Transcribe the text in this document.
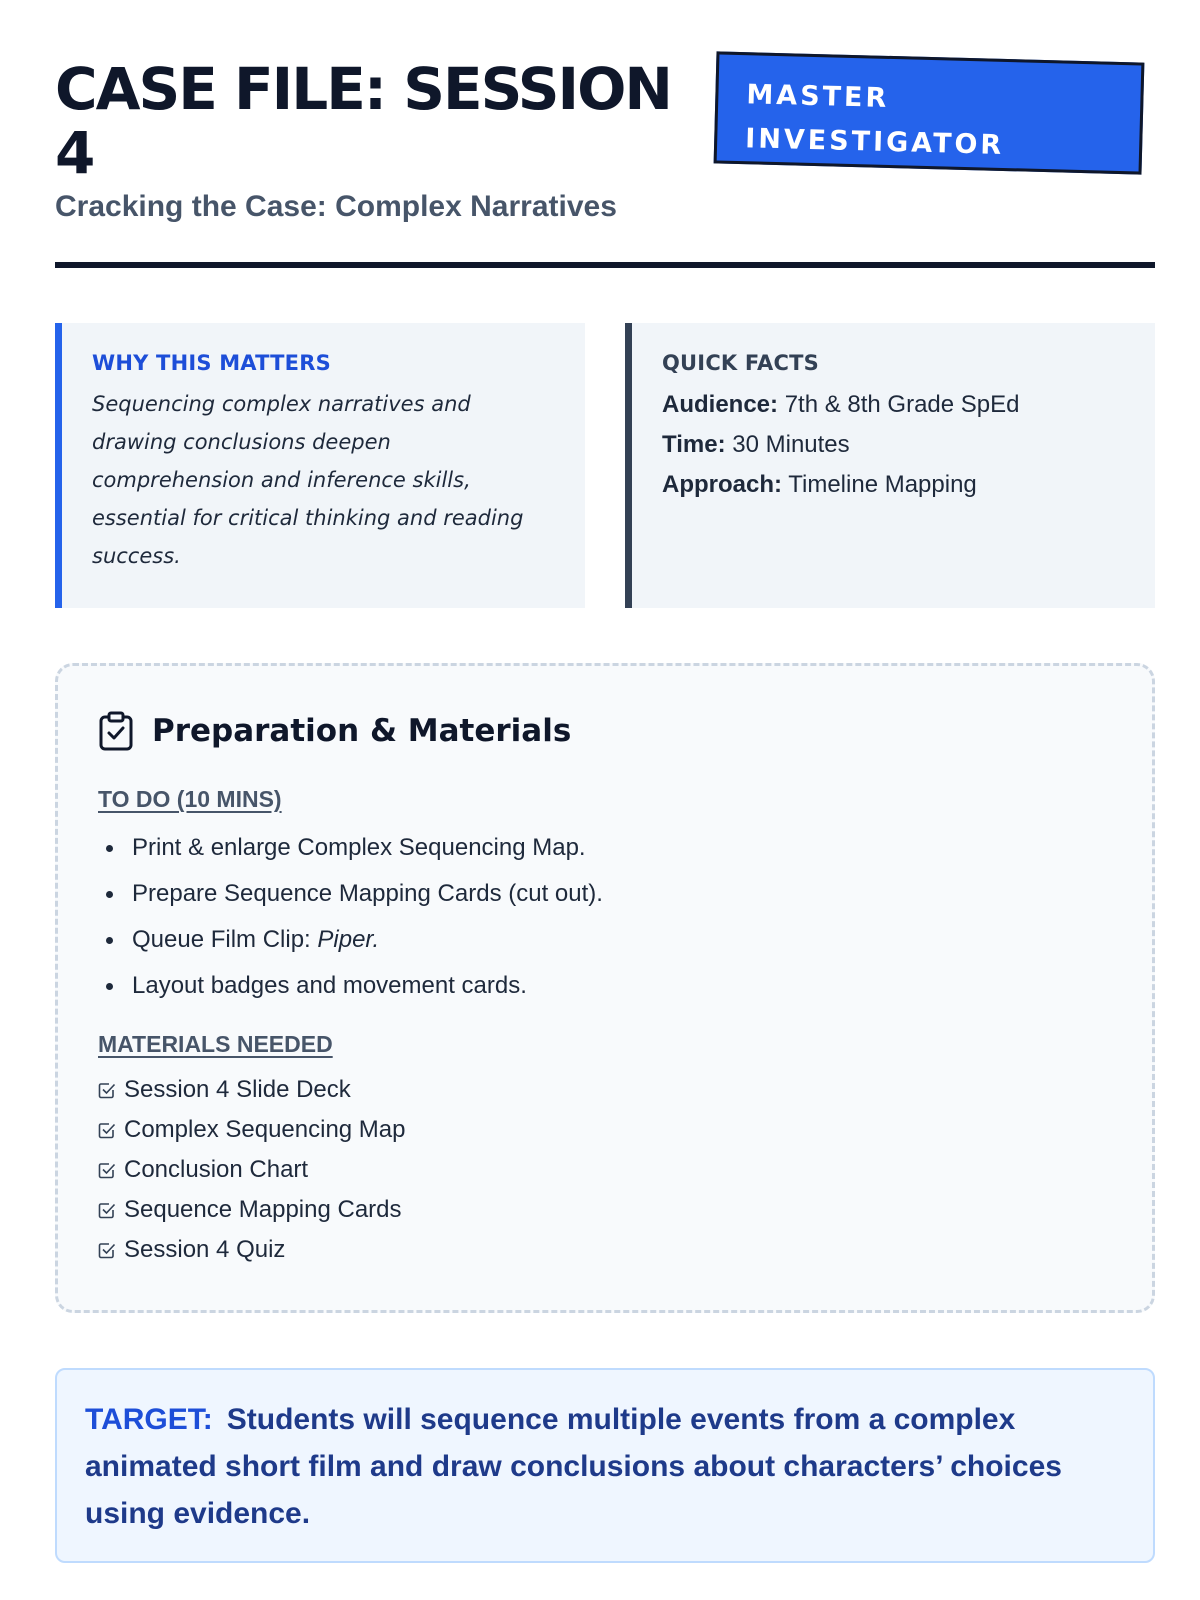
CASE FILE: SESSION 4
MASTER INVESTIGATOR
Cracking the Case: Complex Narratives
WHY THIS MATTERS
Sequencing complex narratives and drawing conclusions deepen comprehension and inference skills, essential for critical thinking and reading success.
QUICK FACTS
Audience: 7th & 8th Grade SpEd
Time: 30 Minutes
Approach: Timeline Mapping
Preparation & Materials
TO DO (10 MINS)
Print & enlarge Complex Sequencing Map.
Prepare Sequence Mapping Cards (cut out).
Queue Film Clip: Piper.
Layout badges and movement cards.
MATERIALS NEEDED
Session 4 Slide Deck
Complex Sequencing Map
Conclusion Chart
Sequence Mapping Cards
Session 4 Quiz
TARGET: Students will sequence multiple events from a complex animated short film and draw conclusions about characters’ choices using evidence.
